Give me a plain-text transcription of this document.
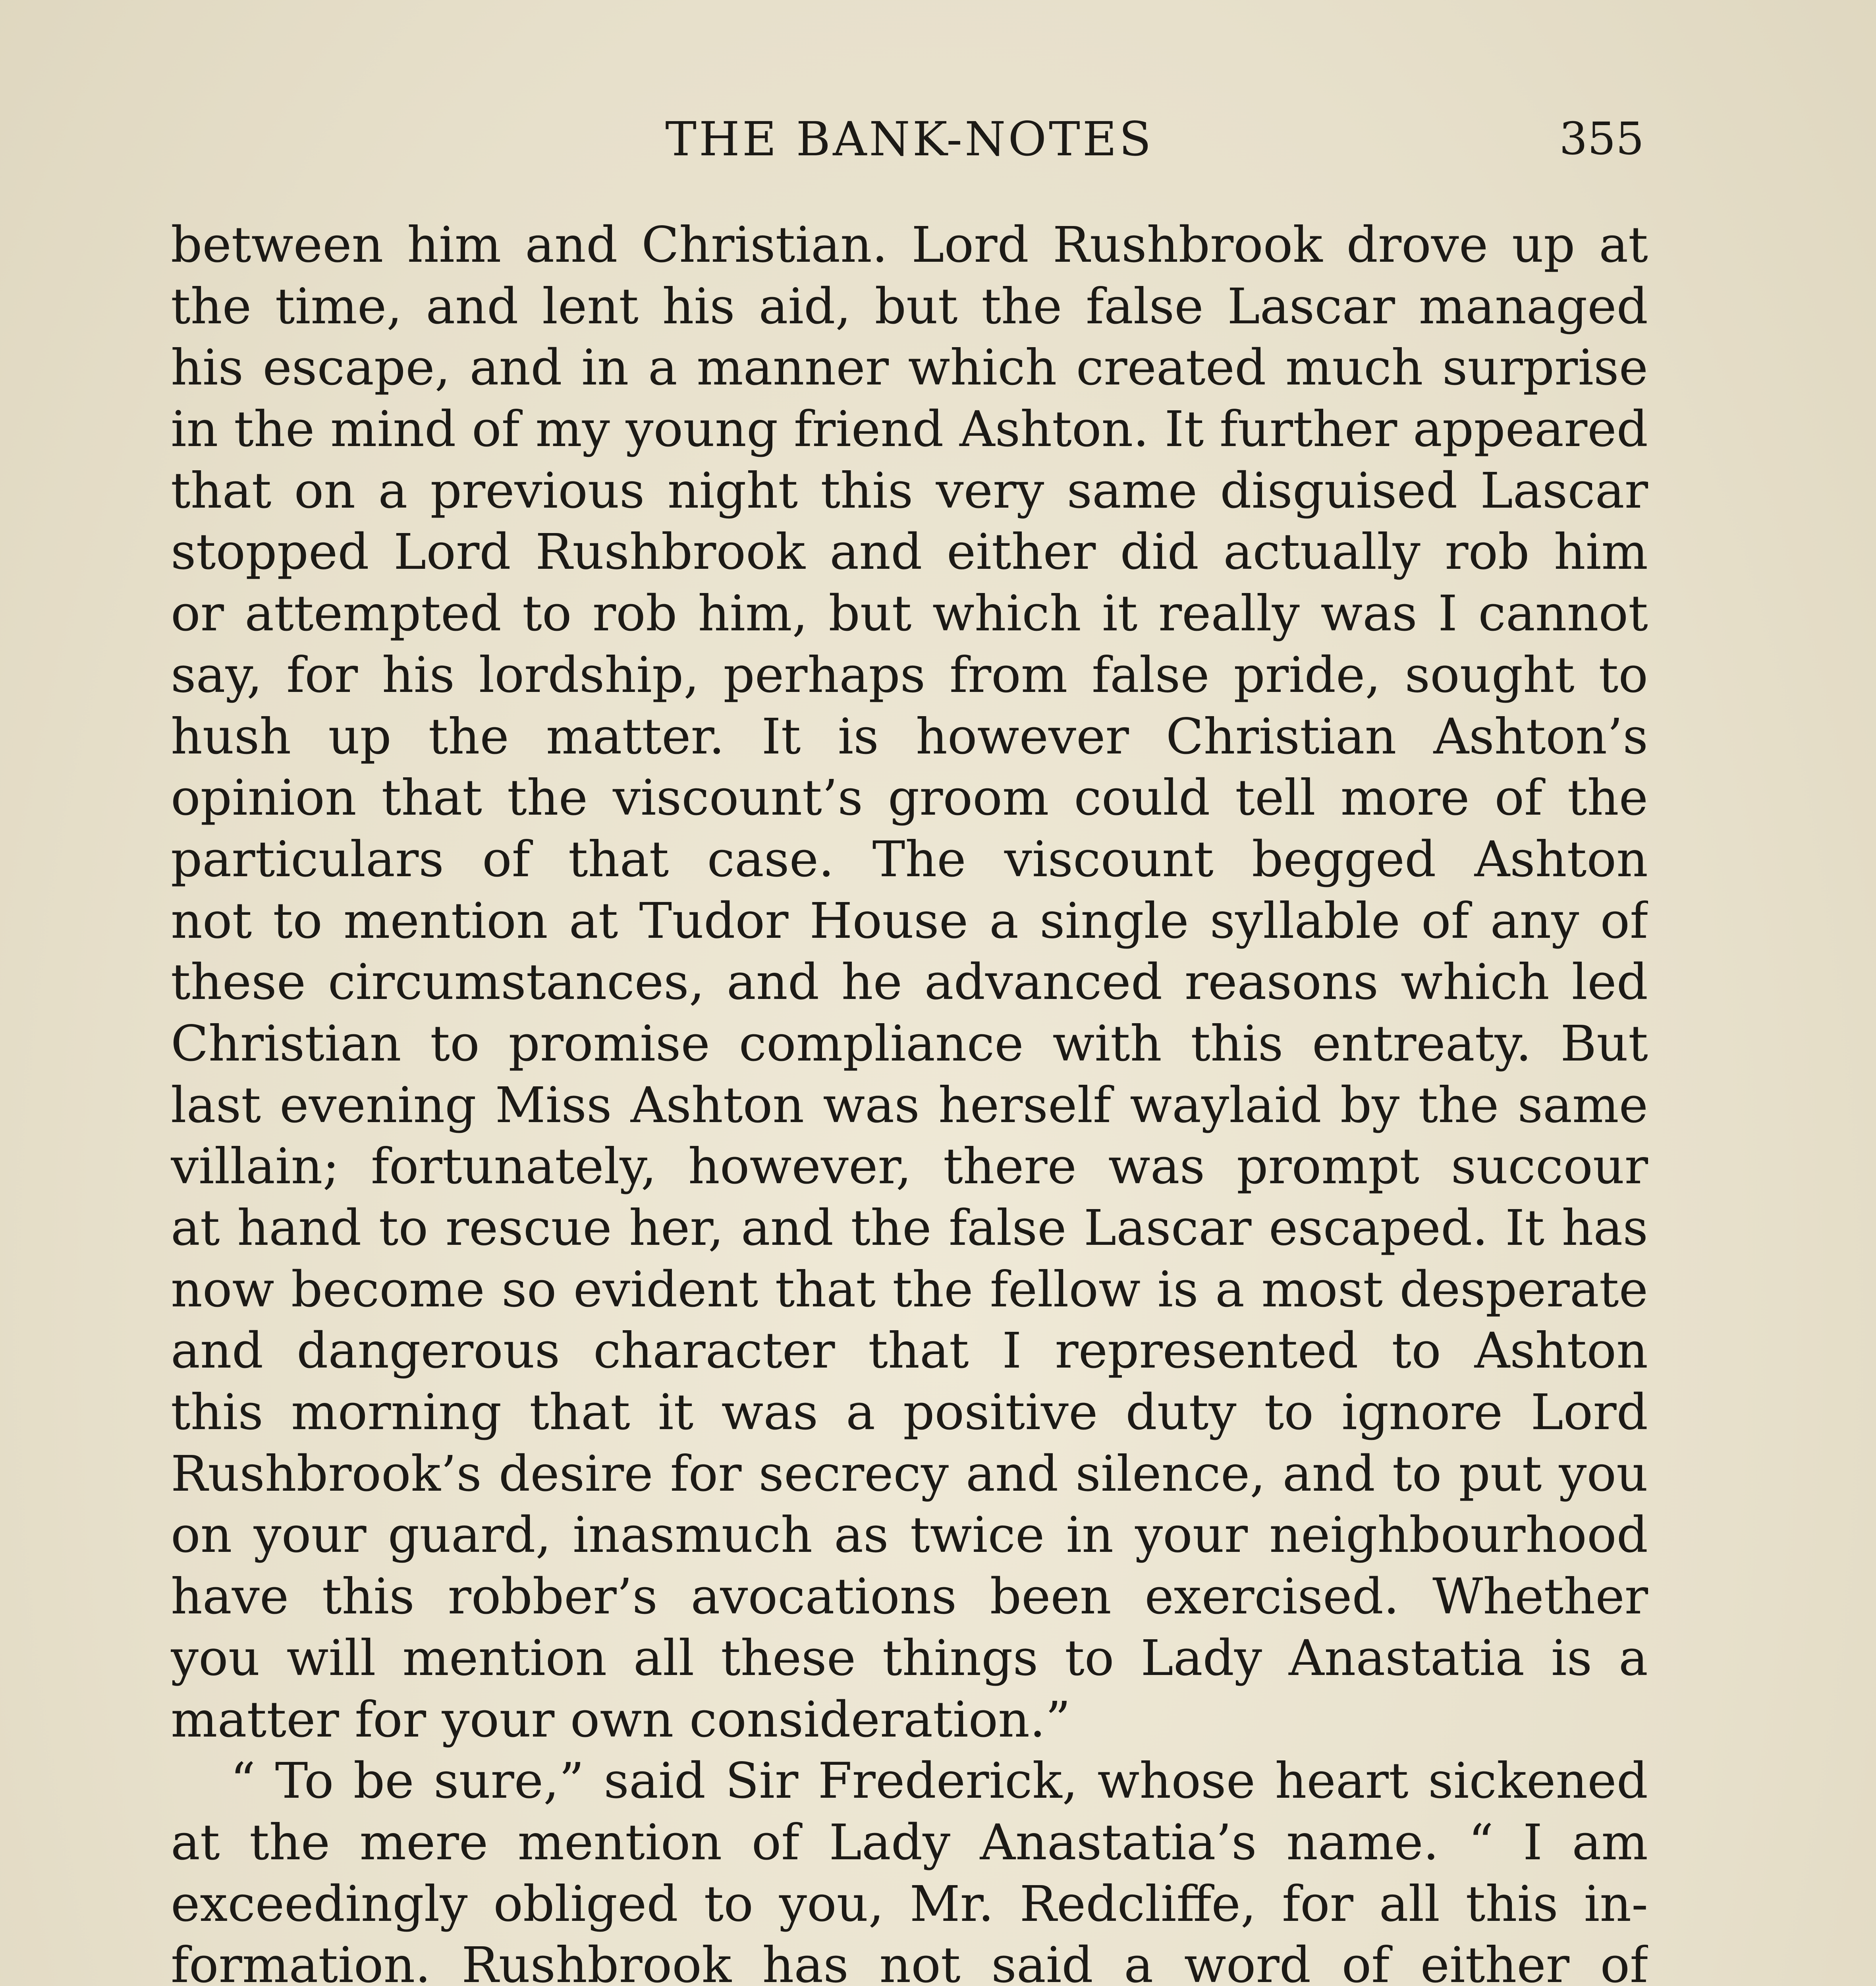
THE BANK-NOTES	355
between him and Christian. Lord Rushbrook drove up at
the time, and lent his aid, but the false Lascar managed
his escape, and in a manner which created much surprise
in the mind of my young friend Ashton. It further appeared
that on a previous night this very same disguised Lascar
stopped Lord Rushbrook and either did actually rob him
or attempted to rob him, but which it really was I cannot
say, for his lordship, perhaps from false pride, sought to
hush up the matter. It is however Christian Ashton’s
opinion that the viscount’s groom could tell more of the
particulars of that case. The viscount begged Ashton
not to mention at Tudor House a single syllable of any of
these circumstances, and he advanced reasons which led
Christian to promise compliance with this entreaty. But
last evening Miss Ashton was herself waylaid by the same
villain; fortunately, however, there was prompt succour
at hand to rescue her, and the false Lascar escaped. It has
now become so evident that the fellow is a most desperate
and dangerous character that I represented to Ashton
this morning that it was a positive duty to ignore Lord
Rushbrook’s desire for secrecy and silence, and to put you
on your guard, inasmuch as twice in your neighbourhood
have this robber’s avocations been exercised. Whether
you will mention all these things to Lady Anastatia is a
matter for your own consideration.”
“ To be sure,” said Sir Frederick, whose heart sickened
at the mere mention of Lady Anastatia’s name. “ I am
exceedingly obliged to you, Mr. Redcliffe, for all this in-
formation. Rushbrook has not said a word of either of
